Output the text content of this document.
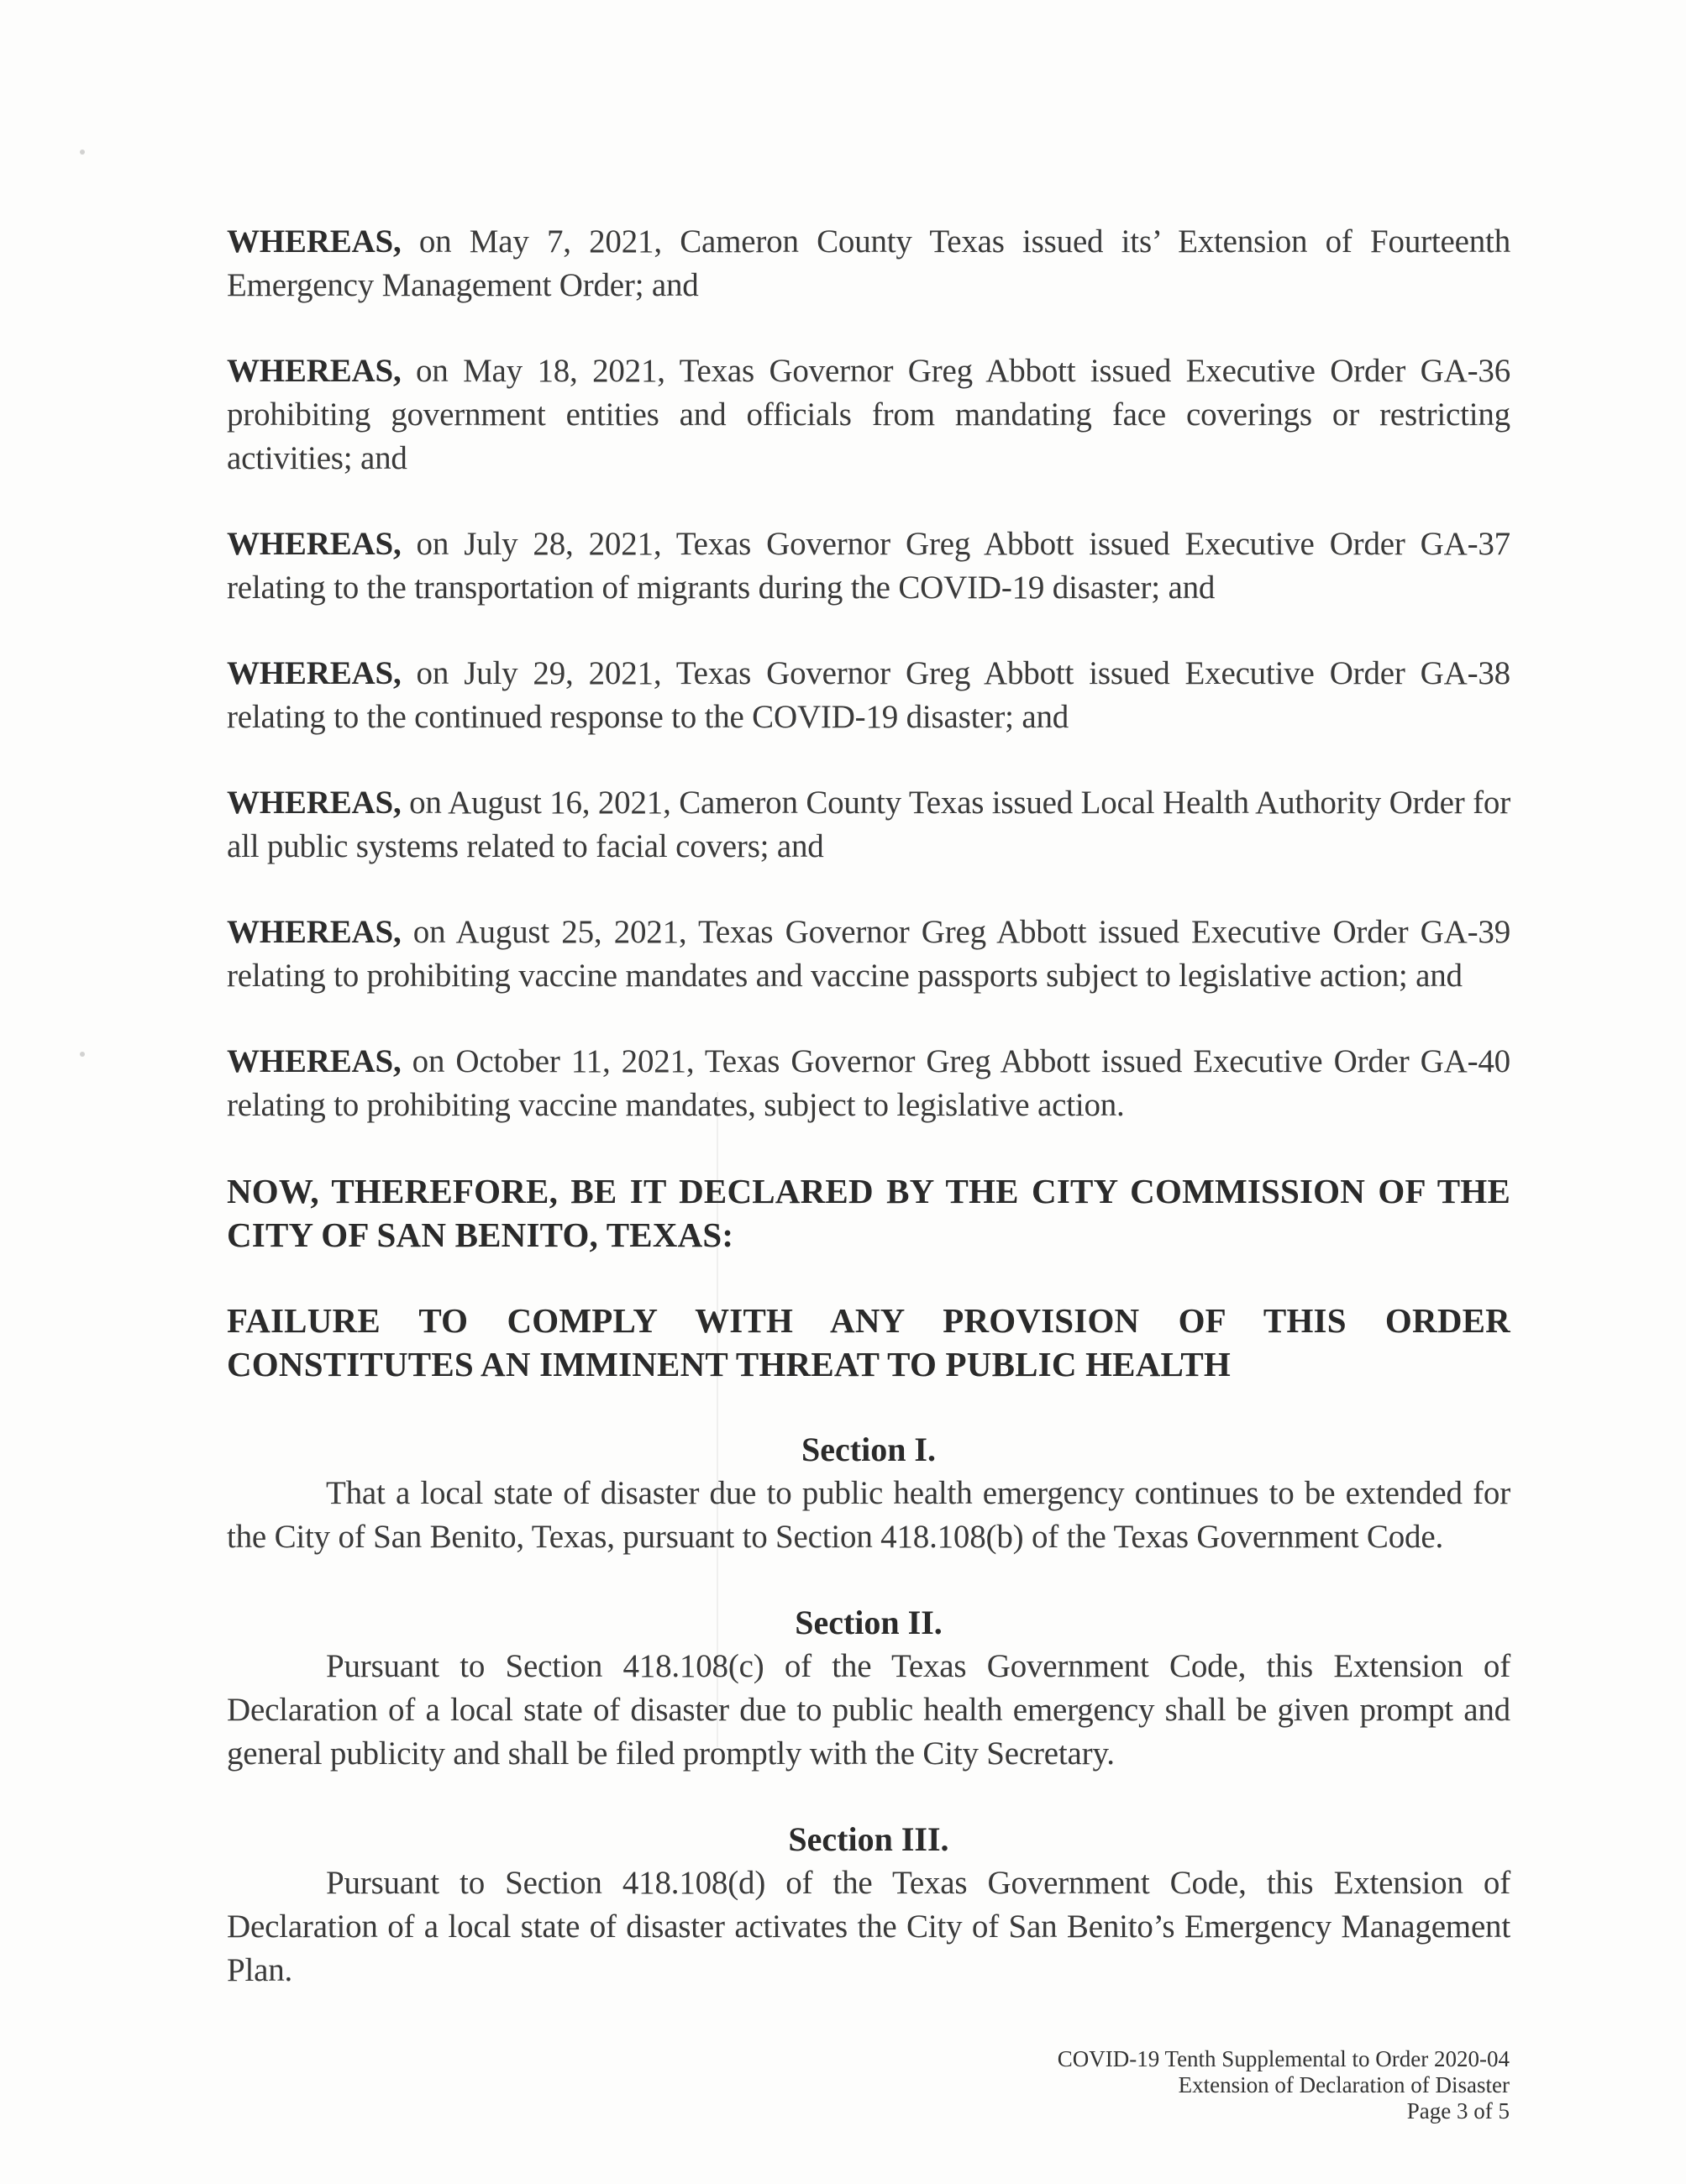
WHEREAS, on May 7, 2021, Cameron County Texas issued its’ Extension of Fourteenth Emergency Management Order; and

WHEREAS, on May 18, 2021, Texas Governor Greg Abbott issued Executive Order GA-36 prohibiting government entities and officials from mandating face coverings or restricting activities; and

WHEREAS, on July 28, 2021, Texas Governor Greg Abbott issued Executive Order GA-37 relating to the transportation of migrants during the COVID-19 disaster; and

WHEREAS, on July 29, 2021, Texas Governor Greg Abbott issued Executive Order GA-38 relating to the continued response to the COVID-19 disaster; and

WHEREAS, on August 16, 2021, Cameron County Texas issued Local Health Authority Order for all public systems related to facial covers; and

WHEREAS, on August 25, 2021, Texas Governor Greg Abbott issued Executive Order GA-39 relating to prohibiting vaccine mandates and vaccine passports subject to legislative action; and

WHEREAS, on October 11, 2021, Texas Governor Greg Abbott issued Executive Order GA-40 relating to prohibiting vaccine mandates, subject to legislative action.

NOW, THEREFORE, BE IT DECLARED BY THE CITY COMMISSION OF THE CITY OF SAN BENITO, TEXAS:

FAILURE TO COMPLY WITH ANY PROVISION OF THIS ORDER CONSTITUTES AN IMMINENT THREAT TO PUBLIC HEALTH

Section I.

That a local state of disaster due to public health emergency continues to be extended for the City of San Benito, Texas, pursuant to Section 418.108(b) of the Texas Government Code.

Section II.

Pursuant to Section 418.108(c) of the Texas Government Code, this Extension of Declaration of a local state of disaster due to public health emergency shall be given prompt and general publicity and shall be filed promptly with the City Secretary.

Section III.

Pursuant to Section 418.108(d) of the Texas Government Code, this Extension of Declaration of a local state of disaster activates the City of San Benito’s Emergency Management Plan.

COVID-19 Tenth Supplemental to Order 2020-04
Extension of Declaration of Disaster
Page 3 of 5
